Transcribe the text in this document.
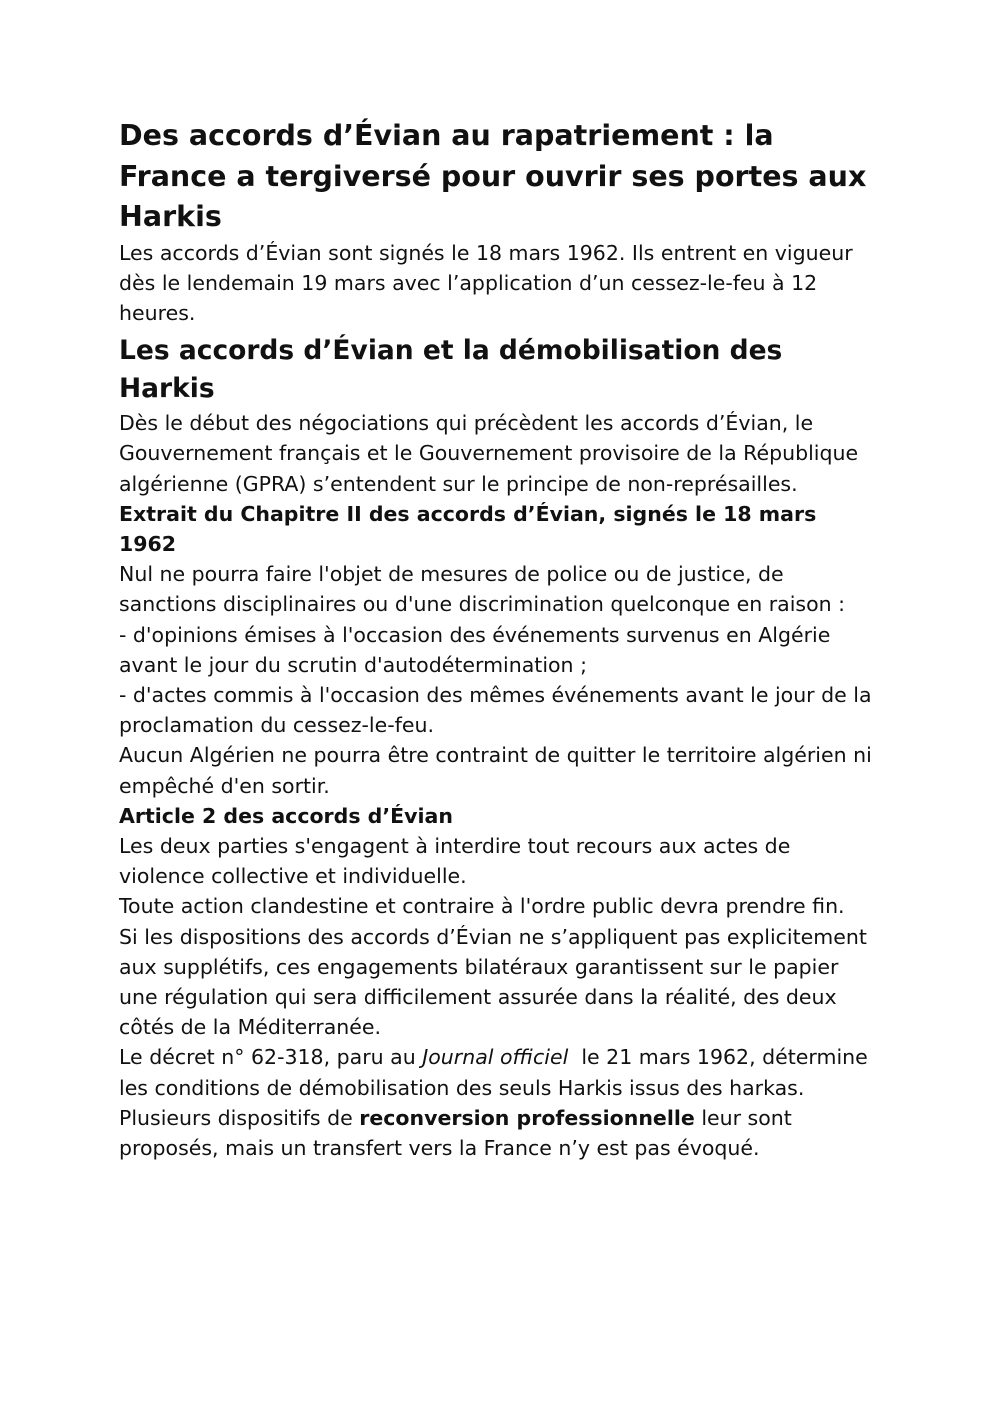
Des accords d’Évian au rapatriement : la France a tergiversé pour ouvrir ses portes aux Harkis

Les accords d’Évian sont signés le 18 mars 1962. Ils entrent en vigueur dès le lendemain 19 mars avec l’application d’un cessez-le-feu à 12 heures.

Les accords d’Évian et la démobilisation des Harkis

Dès le début des négociations qui précèdent les accords d’Évian, le Gouvernement français et le Gouvernement provisoire de la République algérienne (GPRA) s’entendent sur le principe de non-représailles.

Extrait du Chapitre II des accords d’Évian, signés le 18 mars 1962

Nul ne pourra faire l'objet de mesures de police ou de justice, de sanctions disciplinaires ou d'une discrimination quelconque en raison :

- d'opinions émises à l'occasion des événements survenus en Algérie avant le jour du scrutin d'autodétermination ;

- d'actes commis à l'occasion des mêmes événements avant le jour de la proclamation du cessez-le-feu.

Aucun Algérien ne pourra être contraint de quitter le territoire algérien ni empêché d'en sortir.

Article 2 des accords d’Évian

Les deux parties s'engagent à interdire tout recours aux actes de violence collective et individuelle.

Toute action clandestine et contraire à l'ordre public devra prendre fin.

Si les dispositions des accords d’Évian ne s’appliquent pas explicitement aux supplétifs, ces engagements bilatéraux garantissent sur le papier une régulation qui sera difficilement assurée dans la réalité, des deux côtés de la Méditerranée.

Le décret n° 62-318, paru au Journal officiel  le 21 mars 1962, détermine les conditions de démobilisation des seuls Harkis issus des harkas. Plusieurs dispositifs de reconversion professionnelle leur sont proposés, mais un transfert vers la France n’y est pas évoqué.
